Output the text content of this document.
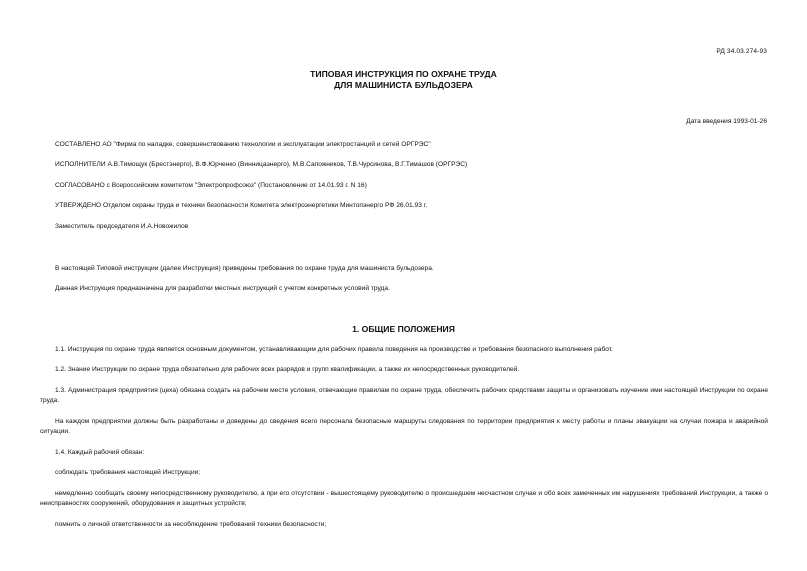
РД 34.03.274-93
ТИПОВАЯ ИНСТРУКЦИЯ ПО ОХРАНЕ ТРУДА
ДЛЯ МАШИНИСТА БУЛЬДОЗЕРА
Дата введения 1993-01-26
СОСТАВЛЕНО АО "Фирма по наладке, совершенствованию технологии и эксплуатации электростанций и сетей ОРГРЭС"
ИСПОЛНИТЕЛИ А.В.Тимощук (Брестэнерго), В.Ф.Юрченко (Винницаэнерго), М.В.Сапожников, Т.В.Чурсинова, В.Г.Тимашов (ОРГРЭС)
СОГЛАСОВАНО с Всероссийским комитетом "Электропрофсоюз" (Постановление от 14.01.93 г. N 16)
УТВЕРЖДЕНО Отделом охраны труда и техники безопасности Комитета электроэнергетики Минтопэнерго РФ 26.01.93 г.
Заместитель председателя И.А.Новожилов
В настоящей Типовой инструкции (далее Инструкция) приведены требования по охране труда для машиниста бульдозера.
Данная Инструкция предназначена для разработки местных инструкций с учетом конкретных условий труда.
1. ОБЩИЕ ПОЛОЖЕНИЯ
1.1. Инструкция по охране труда является основным документом, устанавливающим для рабочих правила поведения на производстве и требования безопасного выполнения работ.
1.2. Знание Инструкции по охране труда обязательно для рабочих всех разрядов и групп квалификации, а также их непосредственных руководителей.
1.3. Администрация предприятия (цеха) обязана создать на рабочем месте условия, отвечающие правилам по охране труда, обеспечить рабочих средствами защиты и организовать изучение ими настоящей Инструкции по охране труда.
На каждом предприятии должны быть разработаны и доведены до сведения всего персонала безопасные маршруты следования по территории предприятия к месту работы и планы эвакуации на случаи пожара и аварийной ситуации.
1.4. Каждый рабочий обязан:
соблюдать требования настоящей Инструкции;
немедленно сообщать своему непосредственному руководителю, а при его отсутствии - вышестоящему руководителю о происшедшем несчастном случае и обо всех замеченных им нарушениях требований Инструкции, а также о неисправностях сооружений, оборудования и защитных устройств;
помнить о личной ответственности за несоблюдение требований техники безопасности;
